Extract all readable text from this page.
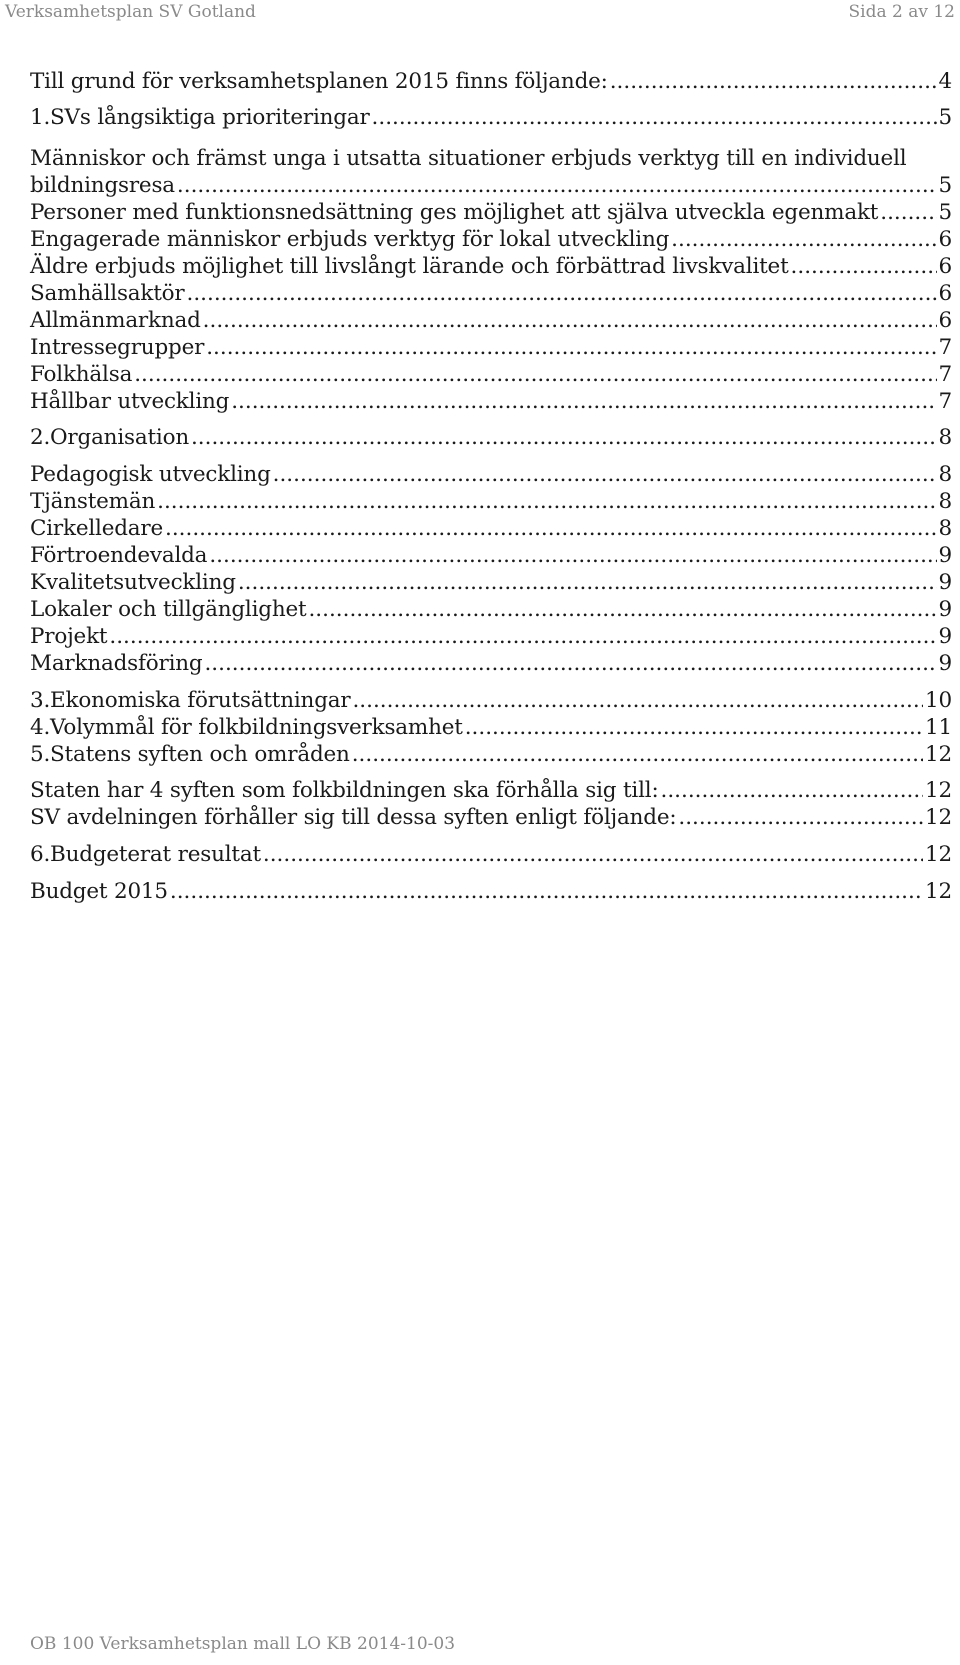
Verksamhetsplan SV Gotland	Sida 2 av 12
Till grund för verksamhetsplanen 2015 finns följande: .....	4
1. SVs långsiktiga prioriteringar .....	5
Människor och främst unga i utsatta situationer erbjuds verktyg till en individuell
bildningsresa .....	5
Personer med funktionsnedsättning ges möjlighet att själva utveckla egenmakt .....	5
Engagerade människor erbjuds verktyg för lokal utveckling .....	6
Äldre erbjuds möjlighet till livslångt lärande och förbättrad livskvalitet .....	6
Samhällsaktör .....	6
Allmänmarknad .....	6
Intressegrupper .....	7
Folkhälsa .....	7
Hållbar utveckling .....	7
2. Organisation .....	8
Pedagogisk utveckling .....	8
Tjänstemän .....	8
Cirkelledare .....	8
Förtroendevalda .....	9
Kvalitetsutveckling .....	9
Lokaler och tillgänglighet .....	9
Projekt .....	9
Marknadsföring .....	9
3. Ekonomiska förutsättningar .....	10
4. Volymmål för folkbildningsverksamhet .....	11
5. Statens syften och områden .....	12
Staten har 4 syften som folkbildningen ska förhålla sig till: .....	12
SV avdelningen förhåller sig till dessa syften enligt följande: .....	12
6. Budgeterat resultat .....	12
Budget 2015 .....	12
OB 100 Verksamhetsplan mall LO KB 2014-10-03
